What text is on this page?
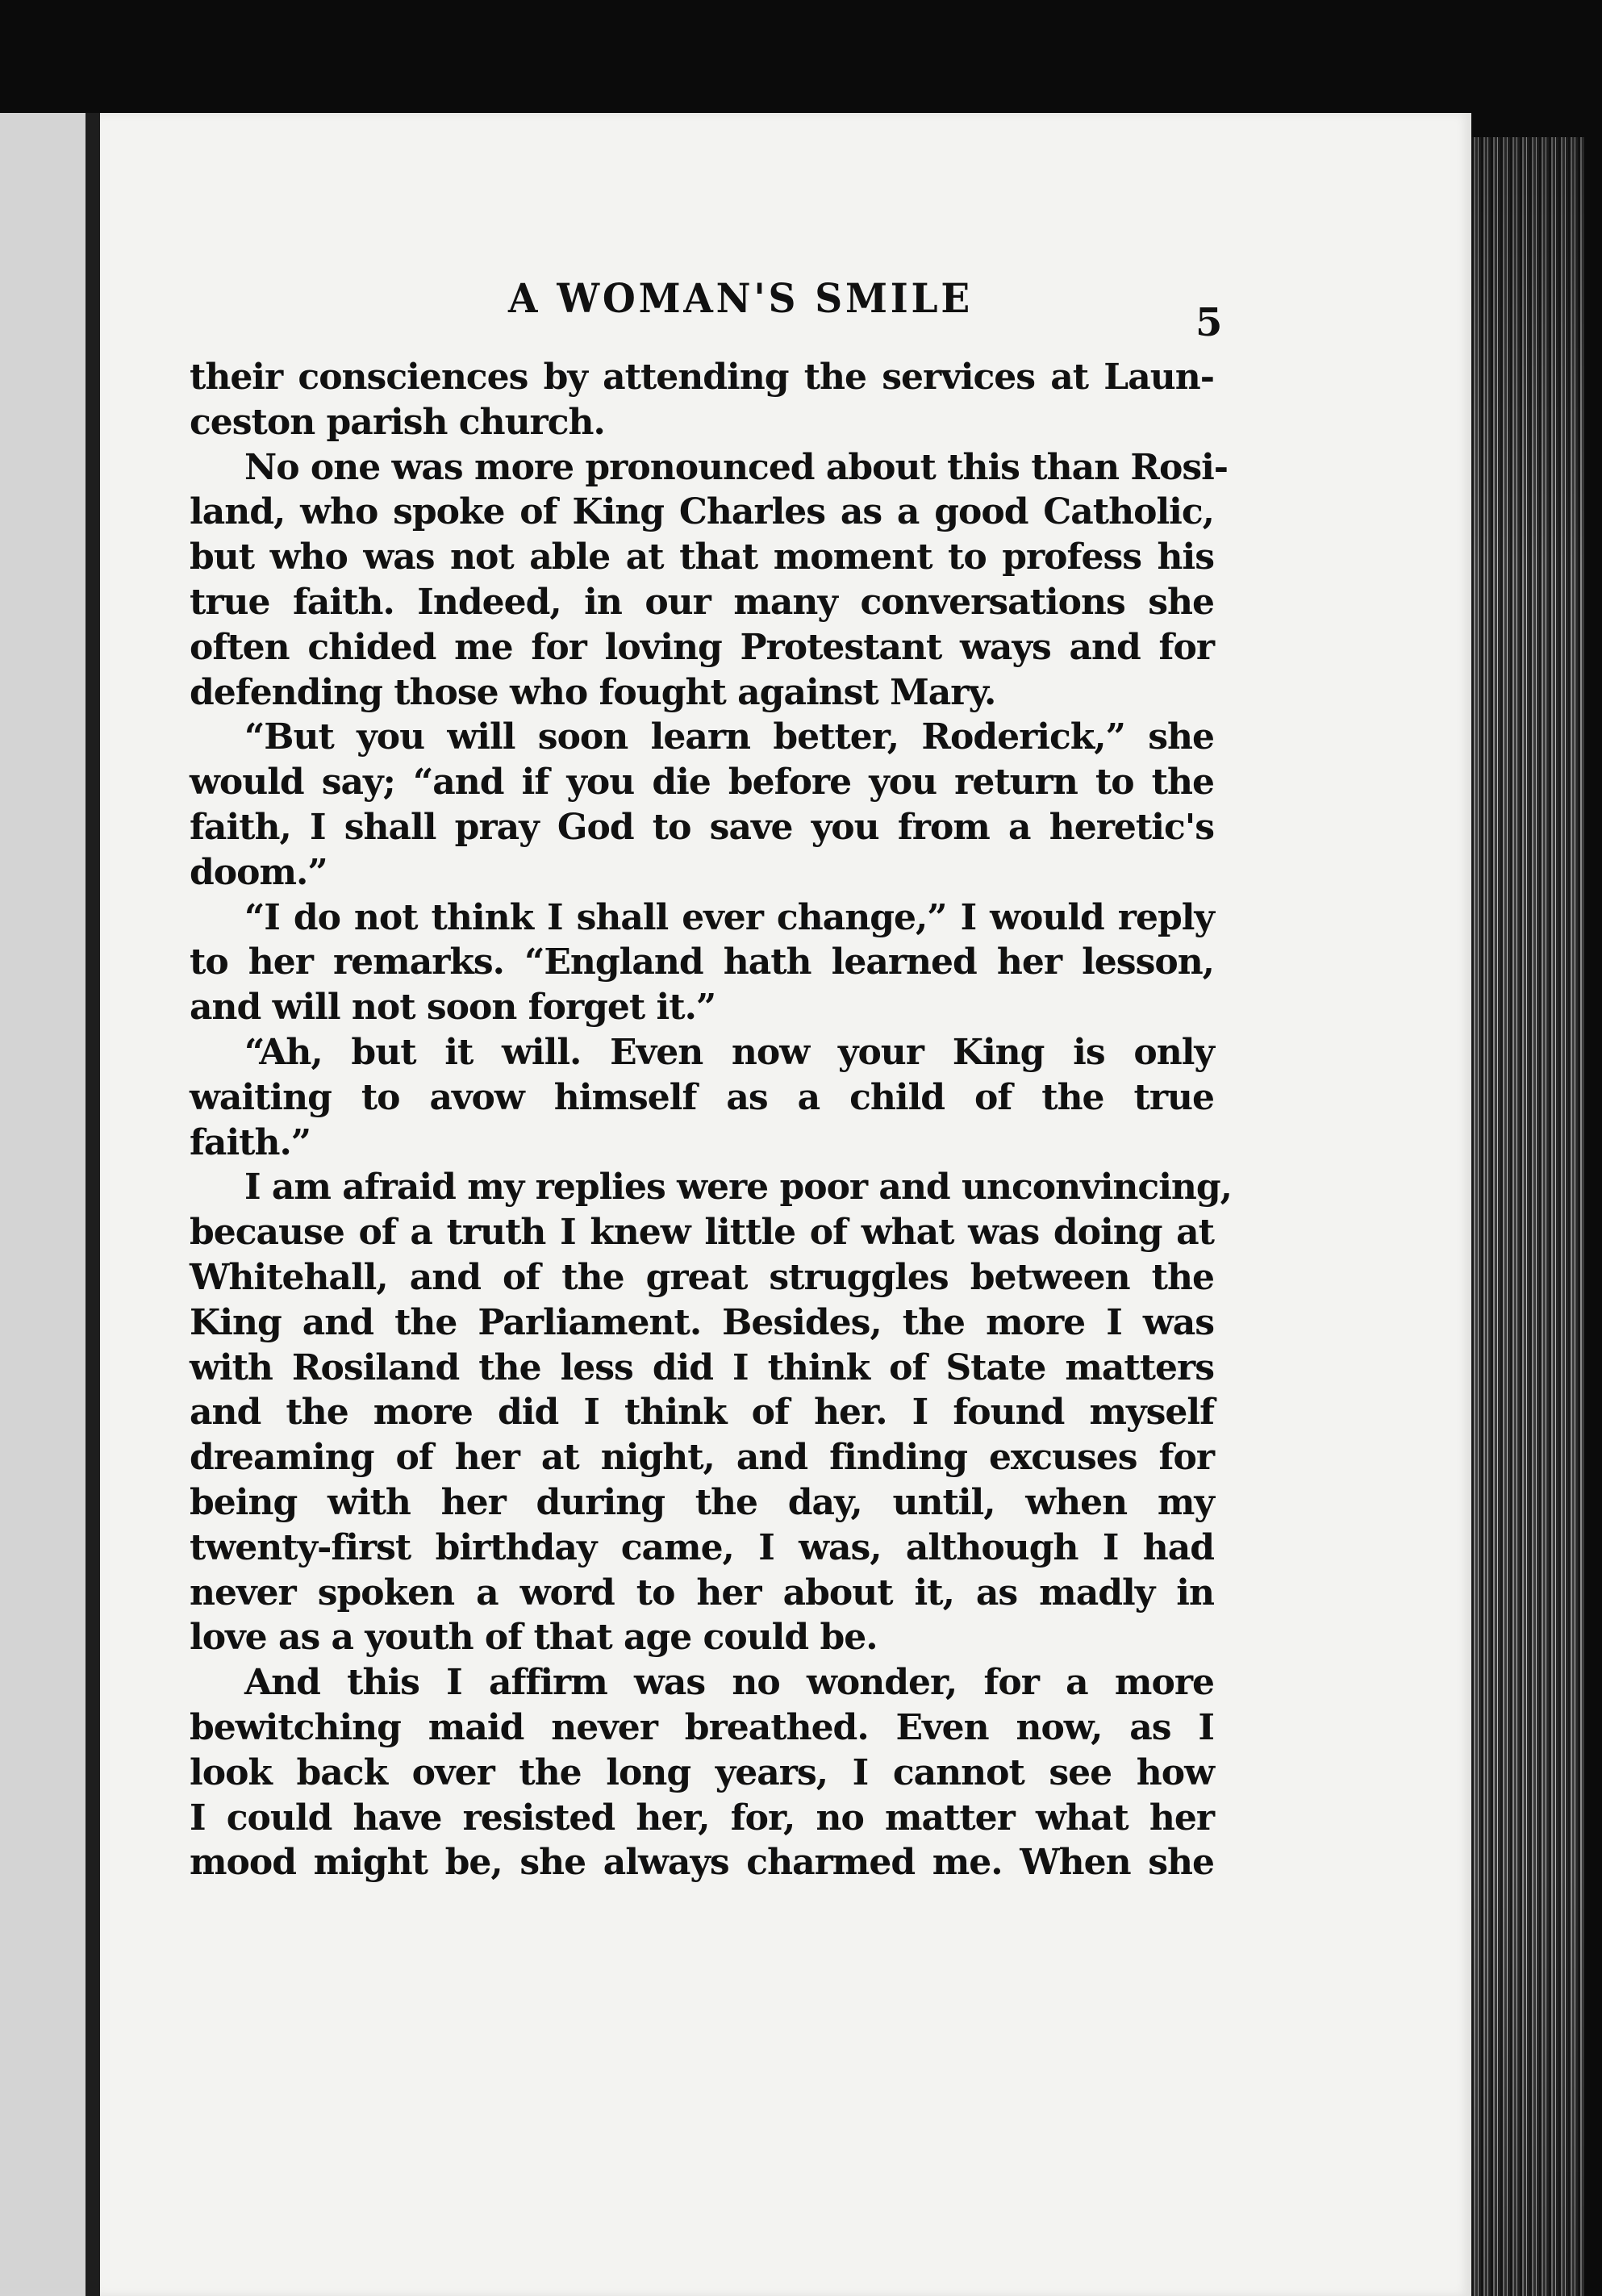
A WOMAN'S SMILE
5
their consciences by attending the services at Laun-
ceston parish church.
No one was more pronounced about this than Rosi-
land, who spoke of King Charles as a good Catholic,
but who was not able at that moment to profess his
true faith. Indeed, in our many conversations she
often chided me for loving Protestant ways and for
defending those who fought against Mary.
“But you will soon learn better, Roderick,” she
would say; “and if you die before you return to the
faith, I shall pray God to save you from a heretic's
doom.”
“I do not think I shall ever change,” I would reply
to her remarks. “England hath learned her lesson,
and will not soon forget it.”
“Ah, but it will. Even now your King is only
waiting to avow himself as a child of the true
faith.”
I am afraid my replies were poor and unconvincing,
because of a truth I knew little of what was doing at
Whitehall, and of the great struggles between the
King and the Parliament. Besides, the more I was
with Rosiland the less did I think of State matters
and the more did I think of her. I found myself
dreaming of her at night, and finding excuses for
being with her during the day, until, when my
twenty-first birthday came, I was, although I had
never spoken a word to her about it, as madly in
love as a youth of that age could be.
And this I affirm was no wonder, for a more
bewitching maid never breathed. Even now, as I
look back over the long years, I cannot see how
I could have resisted her, for, no matter what her
mood might be, she always charmed me. When she
